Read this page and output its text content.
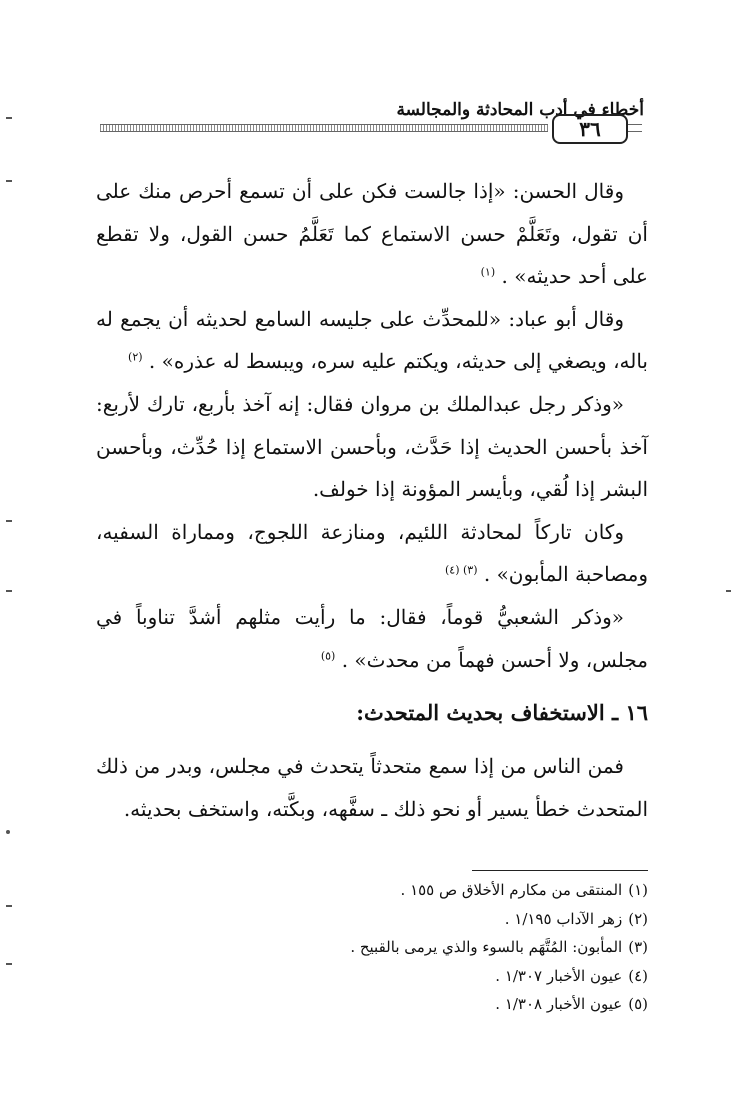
أخطاء في أدب المحادثة والمجالسة
٣٦

وقال الحسن: «إذا جالست فكن على أن تسمع أحرص منك على أن تقول، وتَعَلَّمْ حسن الاستماع كما تَعَلَّمُ حسن القول، ولا تقطع على أحد حديثه» . $^{(١)}$

وقال أبو عباد: «للمحدِّث على جليسه السامع لحديثه أن يجمع له باله، ويصغي إلى حديثه، ويكتم عليه سره، ويبسط له عذره» . $^{(٢)}$

«وذكر رجل عبدالملك بن مروان فقال: إنه آخذ بأربع، تارك لأربع: آخذ بأحسن الحديث إذا حَدَّث، وبأحسن الاستماع إذا حُدِّث، وبأحسن البشر إذا لُقي، وبأيسر المؤونة إذا خولف.

وكان تاركاً لمحادثة اللئيم، ومنازعة اللجوج، ومماراة السفيه، ومصاحبة المأبون» . $^{(٣) (٤)}$

«وذكر الشعبيُّ قوماً، فقال: ما رأيت مثلهم أشدَّ تناوباً في مجلس، ولا أحسن فهماً من محدث» . $^{(٥)}$

١٦ ـ الاستخفاف بحديث المتحدث:

فمن الناس من إذا سمع متحدثاً يتحدث في مجلس، وبدر من ذلك المتحدث خطأ يسير أو نحو ذلك ـ سفَّهه، وبكَّته، واستخف بحديثه.

(١)المنتقى من مكارم الأخلاق ص ١٥٥ .
(٢)زهر الآداب ١/١٩٥ .
(٣)المأبون: المُتَّهَم بالسوء والذي يرمى بالقبيح .
(٤)عيون الأخبار ١/٣٠٧ .
(٥)عيون الأخبار ١/٣٠٨ .
